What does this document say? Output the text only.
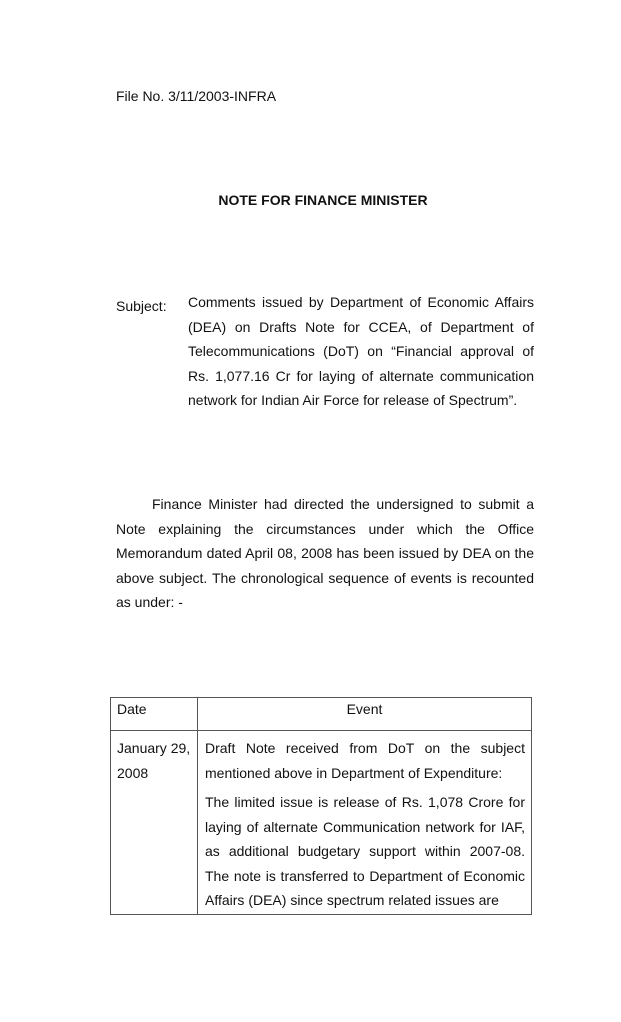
File No. 3/11/2003-INFRA
NOTE FOR FINANCE MINISTER
Subject: Comments issued by Department of Economic Affairs (DEA) on Drafts Note for CCEA, of Department of Telecommunications (DoT) on “Financial approval of Rs. 1,077.16 Cr for laying of alternate communication network for Indian Air Force for release of Spectrum”.
Finance Minister had directed the undersigned to submit a Note explaining the circumstances under which the Office Memorandum dated April 08, 2008 has been issued by DEA on the above subject. The chronological sequence of events is recounted as under: -
Date	Event
January 29, 2008	Draft Note received from DoT on the subject mentioned above in Department of Expenditure:

The limited issue is release of Rs. 1,078 Crore for laying of alternate Communication network for IAF, as additional budgetary support within 2007-08. The note is transferred to Department of Economic Affairs (DEA) since spectrum related issues are
